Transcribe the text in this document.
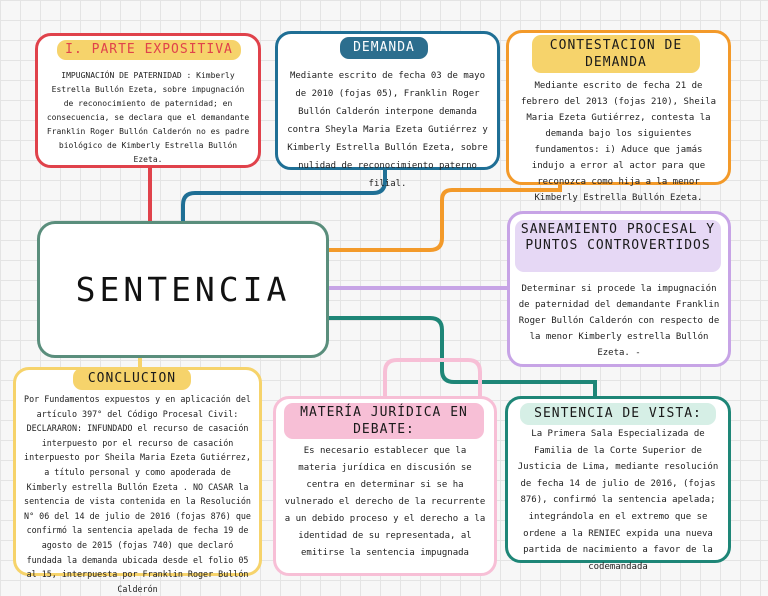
SENTENCIA
IMPUGNACIÓN DE PATERNIDAD : Kimberly Estrella Bullón Ezeta, sobre impugnación de reconocimiento de paternidad; en consecuencia, se declara que el demandante Franklin Roger Bullón Calderón no es padre biológico de Kimberly Estrella Bullón Ezeta.
I. PARTE EXPOSITIVA
Mediante escrito de fecha 03 de mayo de 2010 (fojas 05), Franklin Roger Bullón Calderón interpone demanda contra Sheyla Maria Ezeta Gutiérrez y Kimberly Estrella Bullón Ezeta, sobre nulidad de reconocimiento paterno filial.
DEMANDA
Mediante escrito de fecha 21 de febrero del 2013 (fojas 210), Sheila Maria Ezeta Gutiérrez, contesta la demanda bajo los siguientes fundamentos: i) Aduce que jamás indujo a error al actor para que reconozca como hija a la menor Kimberly Estrella Bullón Ezeta.
CONTESTACION DE DEMANDA
Determinar si procede la impugnación de paternidad del demandante Franklin Roger Bullón Calderón con respecto de la menor Kimberly estrella Bullón Ezeta. -
SANEAMIENTO PROCESAL Y PUNTOS CONTROVERTIDOS
Por Fundamentos expuestos y en aplicación del artículo 397° del Código Procesal Civil: DECLARARON: INFUNDADO el recurso de casación interpuesto por el recurso de casación interpuesto por Sheila Maria Ezeta Gutiérrez, a título personal y como apoderada de Kimberly estrella Bullón Ezeta . NO CASAR la sentencia de vista contenida en la Resolución N° 06 del 14 de julio de 2016 (fojas 876) que confirmó la sentencia apelada de fecha 19 de agosto de 2015 (fojas 740) que declaró fundada la demanda ubicada desde el folio 05 al 15, interpuesta por Franklin Roger Bullón Calderón
CONCLUCION
Es necesario establecer que la materia jurídica en discusión se centra en determinar si se ha vulnerado el derecho de la recurrente a un debido proceso y el derecho a la identidad de su representada, al emitirse la sentencia impugnada
MATERÍA JURÍDICA EN DEBATE:	La Primera Sala Especializada de Familia de la Corte Superior de Justicia de Lima, mediante resolución de fecha 14 de julio de 2016, (fojas 876), confirmó la sentencia apelada; integrándola en el extremo que se ordene a la RENIEC expida una nueva partida de nacimiento a favor de la codemandada
SENTENCIA DE VISTA:
